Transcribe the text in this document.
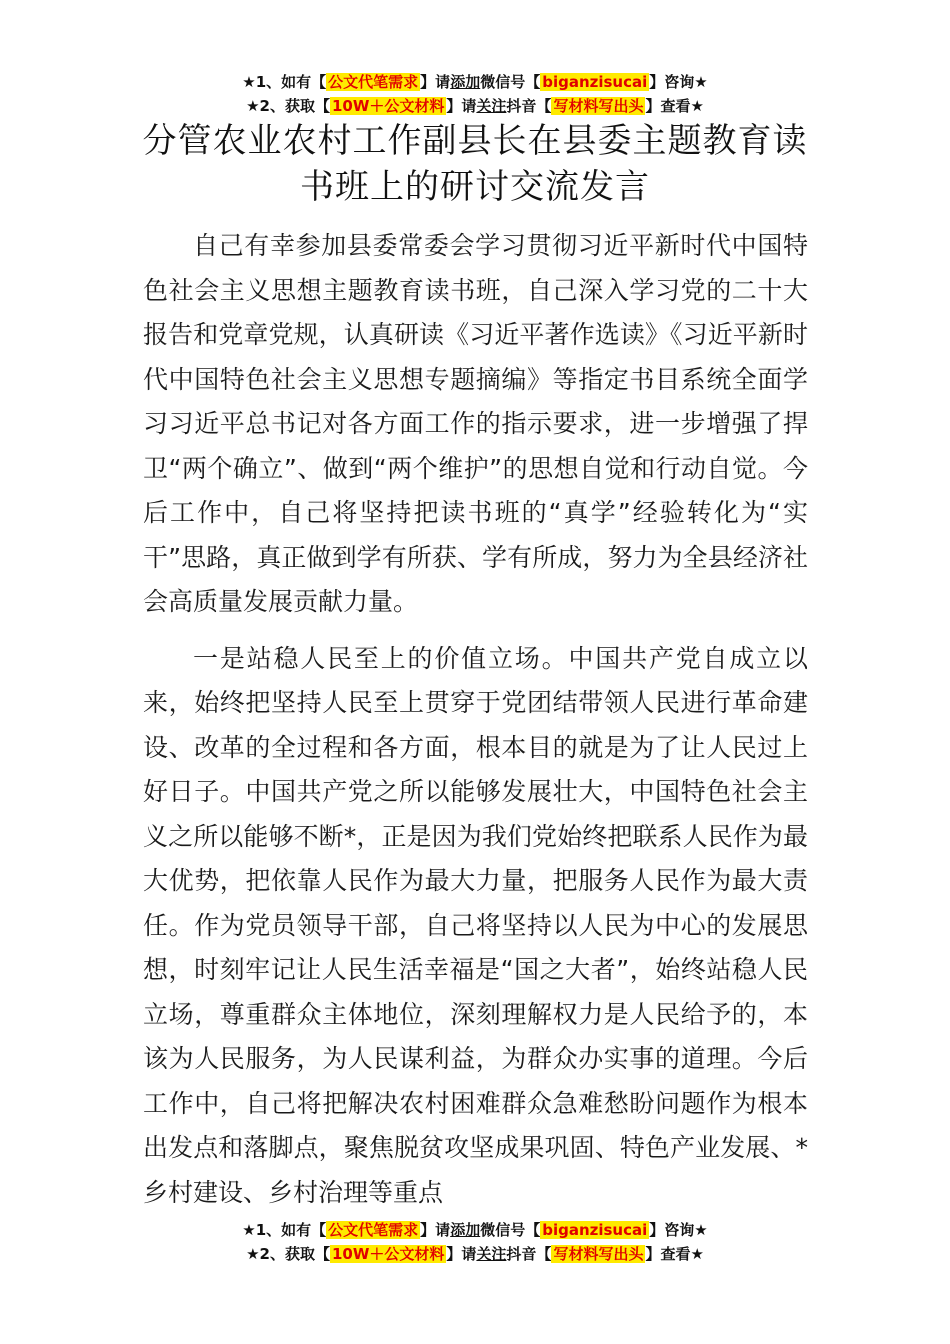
★1、如有【 公文代笔需求 】请添加微信号【 biganzisucai 】咨询★
★2、获取【 10W＋公文材料 】请关注抖音【 写材料写出头 】查看★
分管农业农村工作副县长在县委主题教育读书班上的研讨交流发言

自己有幸参加县委常委会学习贯彻习近平新时代中国特色社会主义思想主题教育读书班，自己深入学习党的二十大报告和党章党规，认真研读《习近平著作选读》《习近平新时代中国特色社会主义思想专题摘编》等指定书目系统全面学习习近平总书记对各方面工作的指示要求，进一步增强了捍卫“两个确立”、做到“两个维护”的思想自觉和行动自觉。今后工作中，自己将坚持把读书班的“真学”经验转化为“实干”思路，真正做到学有所获、学有所成，努力为全县经济社会高质量发展贡献力量。

一是站稳人民至上的价值立场。中国共产党自成立以来，始终把坚持人民至上贯穿于党团结带领人民进行革命建设、改革的全过程和各方面，根本目的就是为了让人民过上好日子。中国共产党之所以能够发展壮大，中国特色社会主义之所以能够不断*，正是因为我们党始终把联系人民作为最大优势，把依靠人民作为最大力量，把服务人民作为最大责任。作为党员领导干部，自己将坚持以人民为中心的发展思想，时刻牢记让人民生活幸福是“国之大者”，始终站稳人民立场，尊重群众主体地位，深刻理解权力是人民给予的，本该为人民服务，为人民谋利益，为群众办实事的道理。今后工作中，自己将把解决农村困难群众急难愁盼问题作为根本出发点和落脚点，聚焦脱贫攻坚成果巩固、特色产业发展、*乡村建设、乡村治理等重点

★1、如有【 公文代笔需求 】请添加微信号【 biganzisucai 】咨询★
★2、获取【 10W＋公文材料 】请关注抖音【 写材料写出头 】查看★
